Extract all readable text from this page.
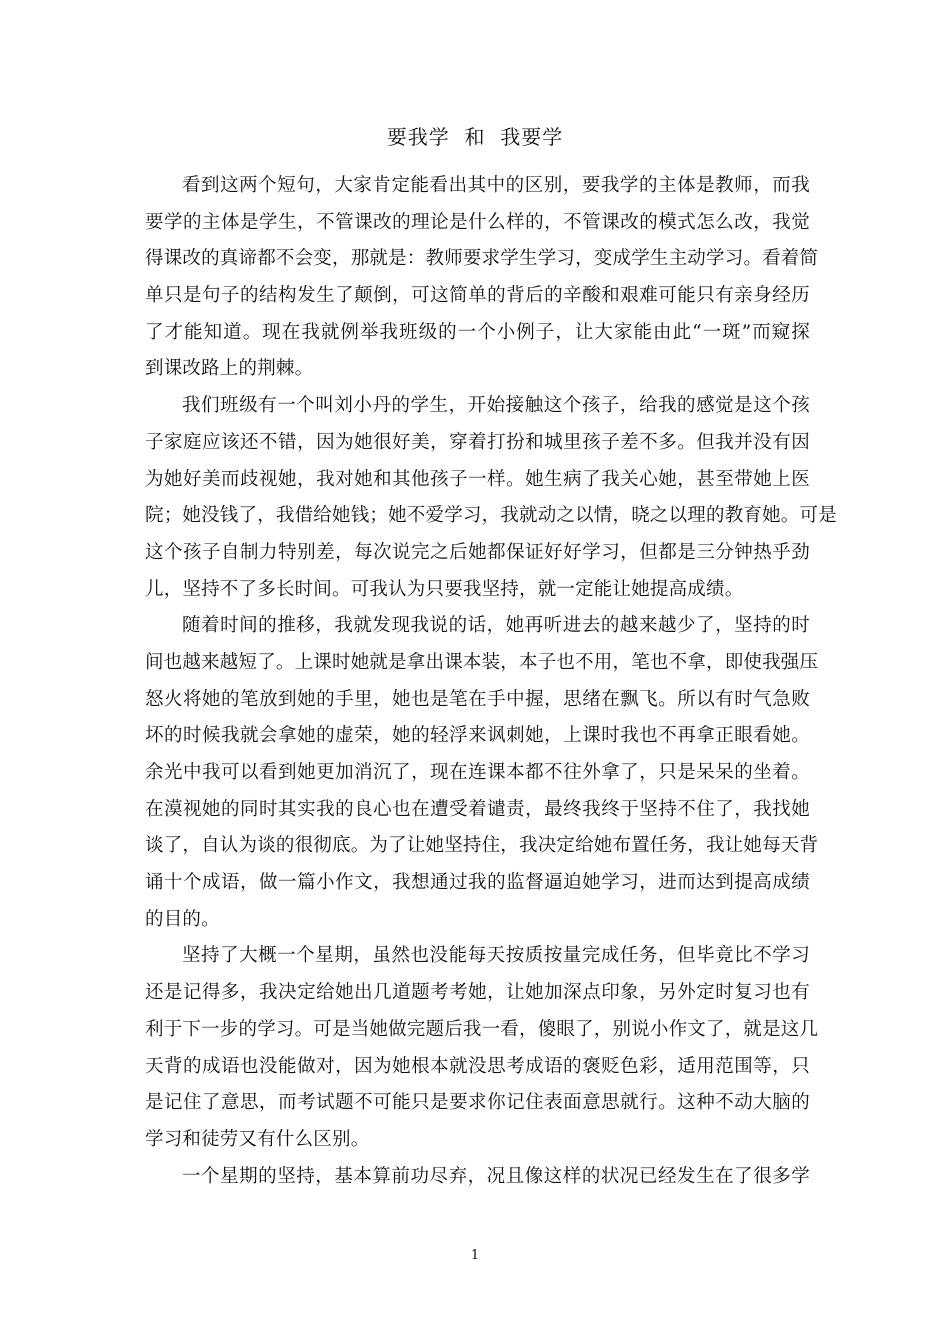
要我学  和  我要学
看到这两个短句，大家肯定能看出其中的区别，要我学的主体是教师，而我
要学的主体是学生，不管课改的理论是什么样的，不管课改的模式怎么改，我觉
得课改的真谛都不会变，那就是：教师要求学生学习，变成学生主动学习。看着简
单只是句子的结构发生了颠倒，可这简单的背后的辛酸和艰难可能只有亲身经历
了才能知道。现在我就例举我班级的一个小例子，让大家能由此“一斑”而窥探
到课改路上的荆棘。
我们班级有一个叫刘小丹的学生，开始接触这个孩子，给我的感觉是这个孩
子家庭应该还不错，因为她很好美，穿着打扮和城里孩子差不多。但我并没有因
为她好美而歧视她，我对她和其他孩子一样。她生病了我关心她，甚至带她上医
院；她没钱了，我借给她钱；她不爱学习，我就动之以情，晓之以理的教育她。可是
这个孩子自制力特别差，每次说完之后她都保证好好学习，但都是三分钟热乎劲
儿，坚持不了多长时间。可我认为只要我坚持，就一定能让她提高成绩。
随着时间的推移，我就发现我说的话，她再听进去的越来越少了，坚持的时
间也越来越短了。上课时她就是拿出课本装，本子也不用，笔也不拿，即使我强压
怒火将她的笔放到她的手里，她也是笔在手中握，思绪在飘飞。所以有时气急败
坏的时候我就会拿她的虚荣，她的轻浮来讽刺她，上课时我也不再拿正眼看她。
余光中我可以看到她更加消沉了，现在连课本都不往外拿了，只是呆呆的坐着。
在漠视她的同时其实我的良心也在遭受着谴责，最终我终于坚持不住了，我找她
谈了，自认为谈的很彻底。为了让她坚持住，我决定给她布置任务，我让她每天背
诵十个成语，做一篇小作文，我想通过我的监督逼迫她学习，进而达到提高成绩
的目的。
坚持了大概一个星期，虽然也没能每天按质按量完成任务，但毕竟比不学习
还是记得多，我决定给她出几道题考考她，让她加深点印象，另外定时复习也有
利于下一步的学习。可是当她做完题后我一看，傻眼了，别说小作文了，就是这几
天背的成语也没能做对，因为她根本就没思考成语的褒贬色彩，适用范围等，只
是记住了意思，而考试题不可能只是要求你记住表面意思就行。这种不动大脑的
学习和徒劳又有什么区别。
一个星期的坚持，基本算前功尽弃，况且像这样的状况已经发生在了很多学
1
